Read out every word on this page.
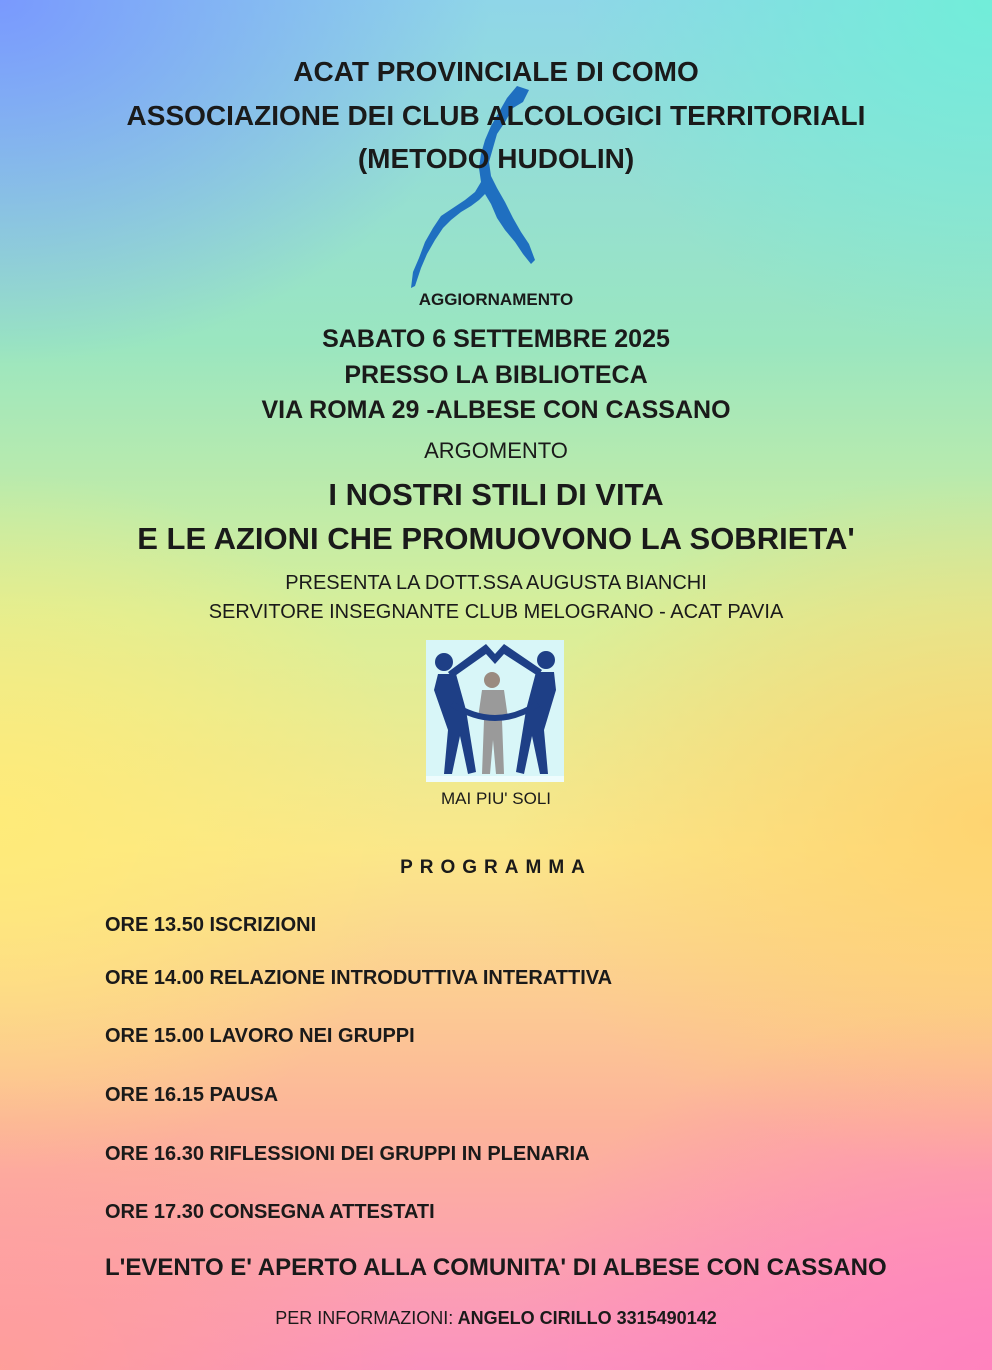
ACAT PROVINCIALE DI COMO
ASSOCIAZIONE DEI CLUB ALCOLOGICI TERRITORIALI
(METODO HUDOLIN)
AGGIORNAMENTO
SABATO 6 SETTEMBRE 2025
PRESSO LA BIBLIOTECA
VIA ROMA 29 -ALBESE CON CASSANO
ARGOMENTO
I NOSTRI STILI DI VITA
E LE AZIONI CHE PROMUOVONO LA SOBRIETA'
PRESENTA LA DOTT.SSA AUGUSTA BIANCHI
SERVITORE INSEGNANTE CLUB MELOGRANO - ACAT PAVIA
MAI PIU' SOLI
PROGRAMMA
ORE 13.50 ISCRIZIONI
ORE 14.00 RELAZIONE INTRODUTTIVA INTERATTIVA
ORE 15.00 LAVORO NEI GRUPPI
ORE 16.15 PAUSA
ORE 16.30 RIFLESSIONI DEI GRUPPI IN PLENARIA
ORE 17.30 CONSEGNA ATTESTATI
L'EVENTO E' APERTO ALLA COMUNITA' DI ALBESE CON CASSANO
PER INFORMAZIONI: ANGELO CIRILLO 3315490142
